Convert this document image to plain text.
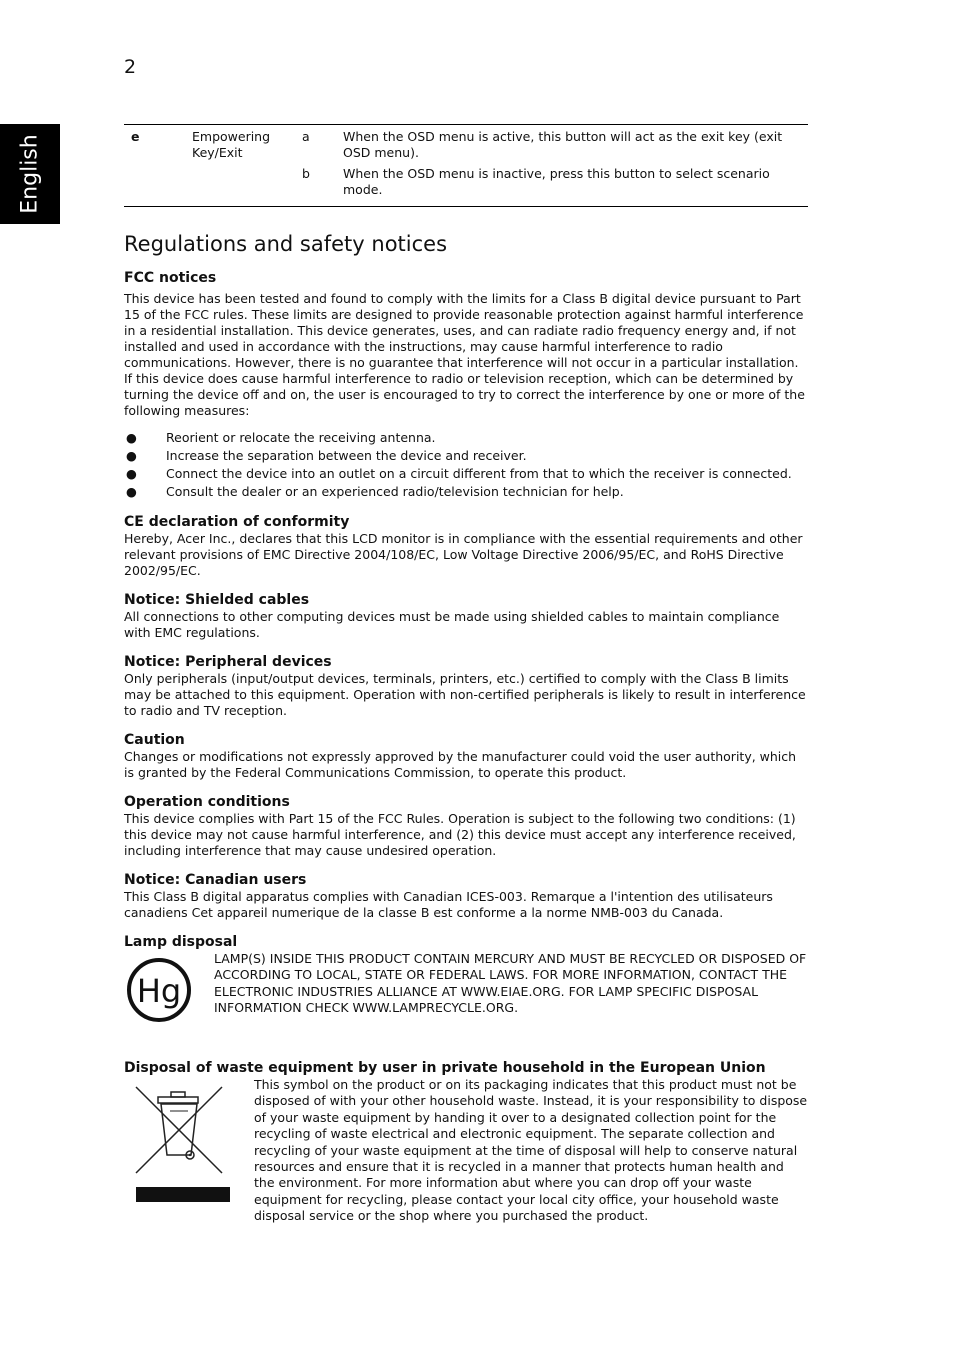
2
English	e	Empowering Key/Exit	a	When the OSD menu is active, this button will act as the exit key (exit OSD menu).
		b	When the OSD menu is inactive, press this button to select scenario mode.
Regulations and safety notices
FCC notices

This device has been tested and found to comply with the limits for a Class B digital device pursuant to Part 15 of the FCC rules. These limits are designed to provide reasonable protection against harmful interference in a residential installation. This device generates, uses, and can radiate radio frequency energy and, if not installed and used in accordance with the instructions, may cause harmful interference to radio communications. However, there is no guarantee that interference will not occur in a particular installation. If this device does cause harmful interference to radio or television reception, which can be determined by turning the device off and on, the user is encouraged to try to correct the interference by one or more of the following measures:

● Reorient or relocate the receiving antenna.
● Increase the separation between the device and receiver.
● Connect the device into an outlet on a circuit different from that to which the receiver is connected.
● Consult the dealer or an experienced radio/television technician for help.
CE declaration of conformity

Hereby, Acer Inc., declares that this LCD monitor is in compliance with the essential requirements and other relevant provisions of EMC Directive 2004/108/EC, Low Voltage Directive 2006/95/EC, and RoHS Directive 2002/95/EC.

Notice: Shielded cables

All connections to other computing devices must be made using shielded cables to maintain compliance with EMC regulations.

Notice: Peripheral devices

Only peripherals (input/output devices, terminals, printers, etc.) certified to comply with the Class B limits may be attached to this equipment. Operation with non-certified peripherals is likely to result in interference to radio and TV reception.

Caution

Changes or modifications not expressly approved by the manufacturer could void the user authority, which is granted by the Federal Communications Commission, to operate this product.

Operation conditions

This device complies with Part 15 of the FCC Rules. Operation is subject to the following two conditions: (1) this device may not cause harmful interference, and (2) this device must accept any interference received, including interference that may cause undesired operation.

Notice: Canadian users

This Class B digital apparatus complies with Canadian ICES-003. Remarque a l'intention des utilisateurs canadiens Cet appareil numerique de la classe B est conforme a la norme NMB-003 du Canada.

Lamp disposal
Hg
LAMP(S) INSIDE THIS PRODUCT CONTAIN MERCURY AND MUST BE RECYCLED OR DISPOSED OF ACCORDING TO LOCAL, STATE OR FEDERAL LAWS. FOR MORE INFORMATION, CONTACT THE ELECTRONIC INDUSTRIES ALLIANCE AT WWW.EIAE.ORG. FOR LAMP SPECIFIC DISPOSAL INFORMATION CHECK WWW.LAMPRECYCLE.ORG.
Disposal of waste equipment by user in private household in the European Union
This symbol on the product or on its packaging indicates that this product must not be disposed of with your other household waste. Instead, it is your responsibility to dispose of your waste equipment by handing it over to a designated collection point for the recycling of waste electrical and electronic equipment. The separate collection and recycling of your waste equipment at the time of disposal will help to conserve natural resources and ensure that it is recycled in a manner that protects human health and the environment. For more information abut where you can drop off your waste equipment for recycling, please contact your local city office, your household waste disposal service or the shop where you purchased the product.
